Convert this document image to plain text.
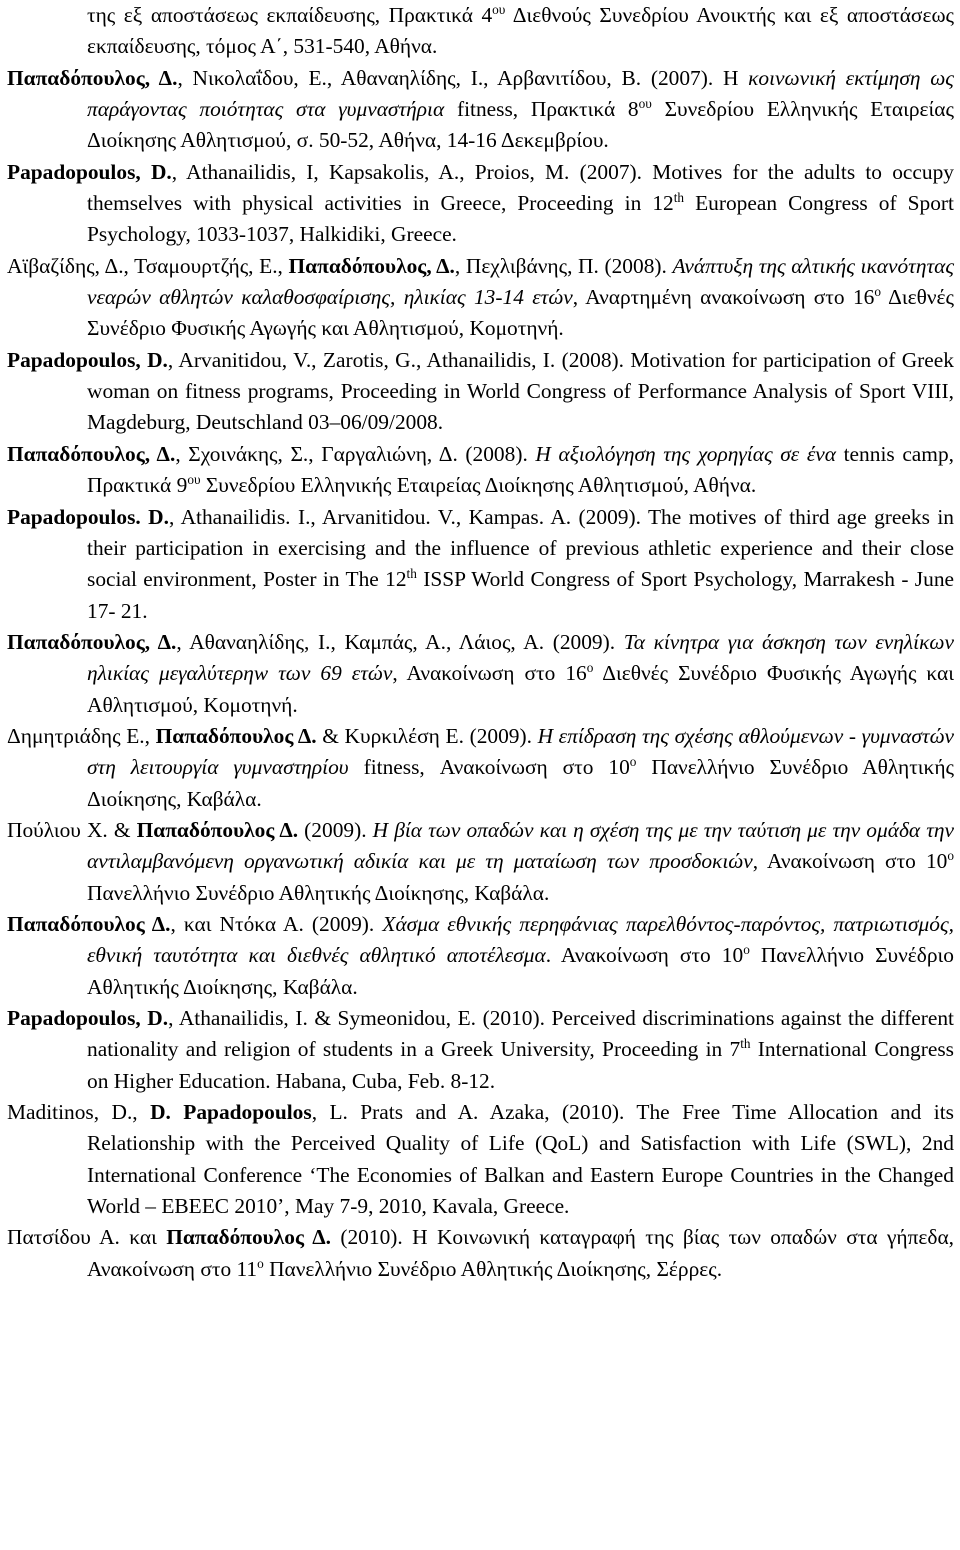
της εξ αποστάσεως εκπαίδευσης, Πρακτικά $4^{o\upsilon}$ Διεθνούς Συνεδρίου Ανοικτής και εξ αποστάσεως εκπαίδευσης, τόμος Α΄, 531-540, Αθήνα.

Παπαδόπουλος, Δ., Νικολαΐδου, Ε., Αθαναηλίδης, Ι., Αρβανιτίδου, Β. (2007). Η κοινωνική εκτίμηση ως παράγοντας ποιότητας στα γυμναστήρια fitness, Πρακτικά $8^{o\upsilon}$ Συνεδρίου Ελληνικής Εταιρείας Διοίκησης Αθλητισμού, σ. 50-52, Αθήνα, 14-16 Δεκεμβρίου.

Papadopoulos, D., Athanailidis, I, Kapsakolis, A., Proios, M. (2007). Motives for the adults to occupy themselves with physical activities in Greece, Proceeding in 12th European Congress of Sport Psychology, 1033-1037, Halkidiki, Greece.

Αϊβαζίδης, Δ., Τσαμουρτζής, Ε., Παπαδόπουλος, Δ., Πεχλιβάνης, Π. (2008). Ανάπτυξη της αλτικής ικανότητας νεαρών αθλητών καλαθοσφαίρισης, ηλικίας 13-14 ετών, Αναρτημένη ανακοίνωση στο $16^o$ Διεθνές Συνέδριο Φυσικής Αγωγής και Αθλητισμού, Κομοτηνή.

Papadopoulos, D., Arvanitidou, V., Zarotis, G., Athanailidis, I. (2008). Motivation for participation of Greek woman on fitness programs, Proceeding in World Congress of Performance Analysis of Sport VIII, Magdeburg, Deutschland 03–06/09/2008.

Παπαδόπουλος, Δ., Σχοινάκης, Σ., Γαργαλιώνη, Δ. (2008). Η αξιολόγηση της χορηγίας σε ένα tennis camp, Πρακτικά $9^{o\upsilon}$ Συνεδρίου Ελληνικής Εταιρείας Διοίκησης Αθλητισμού, Αθήνα.

Papadopoulos. D., Athanailidis. I., Arvanitidou. V., Kampas. A. (2009). The motives of third age greeks in their participation in exercising and the influence of previous athletic experience and their close social environment, Poster in The 12th ISSP World Congress of Sport Psychology, Marrakesh - June 17- 21.

Παπαδόπουλος, Δ., Αθαναηλίδης, Ι., Καμπάς, Α., Λάιος, Α. (2009). Τα κίνητρα για άσκηση των ενηλίκων ηλικίας μεγαλύτερηw των 69 ετών, Ανακοίνωση στο $16^o$ Διεθνές Συνέδριο Φυσικής Αγωγής και Αθλητισμού, Κομοτηνή.

Δημητριάδης Ε., Παπαδόπουλος Δ. & Κυρκιλέση Ε. (2009). Η επίδραση της σχέσης αθλούμενων - γυμναστών στη λειτουργία γυμναστηρίου fitness, Ανακοίνωση στο $10^o$ Πανελλήνιο Συνέδριο Αθλητικής Διοίκησης, Καβάλα.

Πούλιου Χ. & Παπαδόπουλος Δ. (2009). Η βία των οπαδών και η σχέση της με την ταύτιση με την ομάδα την αντιλαμβανόμενη οργανωτική αδικία και με τη ματαίωση των προσδοκιών, Ανακοίνωση στο $10^o$ Πανελλήνιο Συνέδριο Αθλητικής Διοίκησης, Καβάλα.

Παπαδόπουλος Δ., και Ντόκα Α. (2009). Χάσμα εθνικής περηφάνιας παρελθόντος-παρόντος, πατριωτισμός, εθνική ταυτότητα και διεθνές αθλητικό αποτέλεσμα. Ανακοίνωση στο $10^o$ Πανελλήνιο Συνέδριο Αθλητικής Διοίκησης, Καβάλα.

Papadopoulos, D., Athanailidis, I. & Symeonidou, E. (2010). Perceived discriminations against the different nationality and religion of students in a Greek University, Proceeding in 7th International Congress on Higher Education. Habana, Cuba, Feb. 8-12.

Maditinos, D., D. Papadopoulos, L. Prats and A. Azaka, (2010). The Free Time Allocation and its Relationship with the Perceived Quality of Life (QoL) and Satisfaction with Life (SWL), 2nd International Conference ‘The Economies of Balkan and Eastern Europe Countries in the Changed World – EBEEC 2010’, May 7-9, 2010, Kavala, Greece.

Πατσίδου Α. και Παπαδόπουλος Δ. (2010). Η Κοινωνική καταγραφή της βίας των οπαδών στα γήπεδα, Ανακοίνωση στο $11^o$ Πανελλήνιο Συνέδριο Αθλητικής Διοίκησης, Σέρρες.
